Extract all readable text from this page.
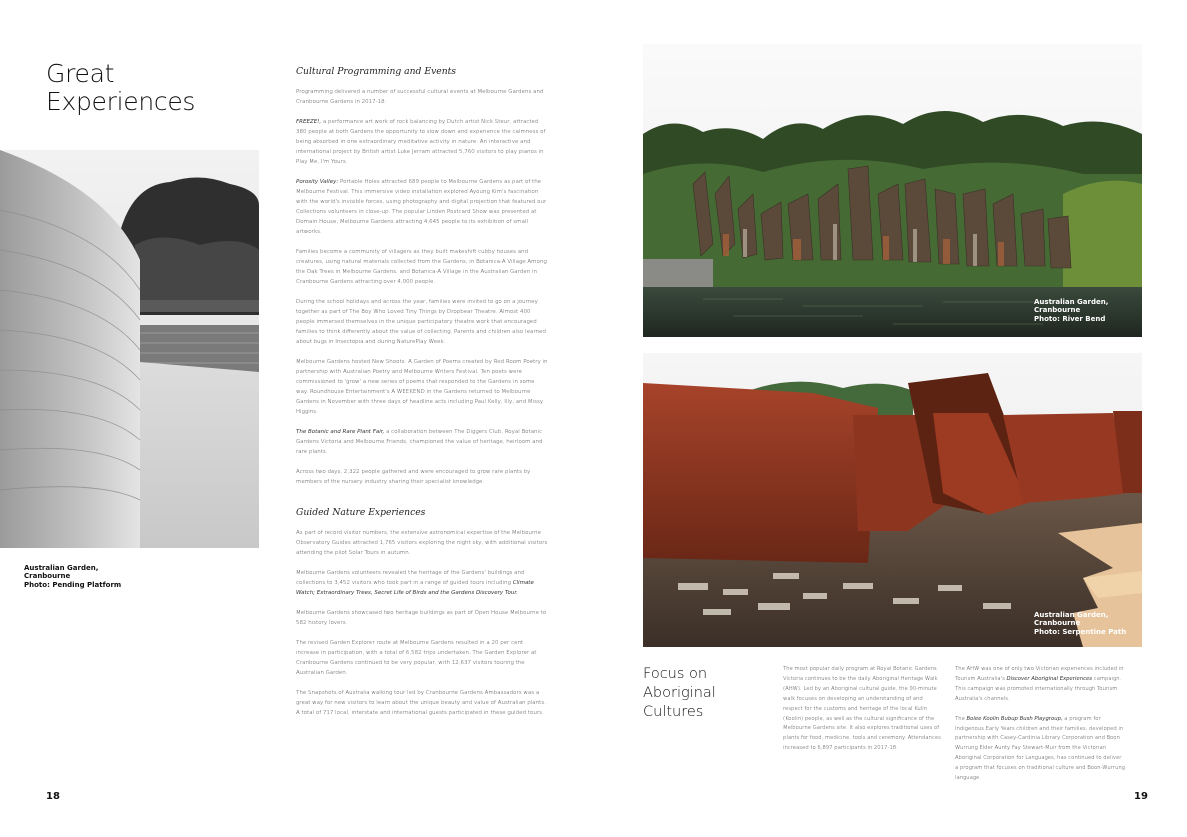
Great
Experiences
Australian Garden,
Cranbourne
Photo: Pending Platform
18
Cultural Programming and Events

Programming delivered a number of successful cultural events at Melbourne Gardens and Cranbourne Gardens in 2017-18:

FREEZE!, a performance art work of rock balancing by Dutch artist Nick Steur, attracted 380 people at both Gardens the opportunity to slow down and experience the calmness of being absorbed in one extraordinary meditative activity in nature. An interactive and international project by British artist Luke Jerram attracted 5,760 visitors to play pianos in Play Me, I'm Yours.

Porosity Valley: Portable Holes attracted 689 people to Melbourne Gardens as part of the Melbourne Festival. This immersive video installation explored Ayoung Kim's fascination with the world's invisible forces, using photography and digital projection that featured our Collections volunteers in close-up. The popular Linden Postcard Show was presented at Domain House, Melbourne Gardens attracting 4,645 people to its exhibition of small artworks.

Families become a community of villagers as they built makeshift cubby houses and creatures, using natural materials collected from the Gardens, in Botanica-A Village Among the Oak Trees in Melbourne Gardens, and Botanica-A Village in the Australian Garden in Cranbourne Gardens attracting over 4,000 people.

During the school holidays and across the year, families were invited to go on a journey together as part of The Boy Who Loved Tiny Things by Dropbear Theatre. Almost 400 people immersed themselves in the unique participatory theatre work that encouraged families to think differently about the value of collecting. Parents and children also learned about bugs in Insectopia and during NaturePlay Week.

Melbourne Gardens hosted New Shoots: A Garden of Poems created by Red Room Poetry in partnership with Australian Poetry and Melbourne Writers Festival. Ten poets were commissioned to 'grow' a new series of poems that responded to the Gardens in some way. Roundhouse Entertainment's A WEEKEND in the Gardens returned to Melbourne Gardens in November with three days of headline acts including Paul Kelly, Illy, and Missy Higgins.

The Botanic and Rare Plant Fair, a collaboration between The Diggers Club, Royal Botanic Gardens Victoria and Melbourne Friends, championed the value of heritage, heirloom and rare plants.

Across two days, 2,322 people gathered and were encouraged to grow rare plants by members of the nursery industry sharing their specialist knowledge.

Guided Nature Experiences

As part of record visitor numbers, the extensive astronomical expertise of the Melbourne Observatory Guides attracted 1,765 visitors exploring the night sky, with additional visitors attending the pilot Solar Tours in autumn.

Melbourne Gardens volunteers revealed the heritage of the Gardens' buildings and collections to 3,452 visitors who took part in a range of guided tours including Climate Watch; Extraordinary Trees, Secret Life of Birds and the Gardens Discovery Tour.

Melbourne Gardens showcased two heritage buildings as part of Open House Melbourne to 582 history lovers.

The revised Garden Explorer route at Melbourne Gardens resulted in a 20 per cent increase in participation, with a total of 6,582 trips undertaken. The Garden Explorer at Cranbourne Gardens continued to be very popular, with 12,637 visitors touring the Australian Garden.

The Snapshots of Australia walking tour led by Cranbourne Gardens Ambassadors was a great way for new visitors to learn about the unique beauty and value of Australian plants. A total of 717 local, interstate and international guests participated in these guided tours.

Australian Garden,
Cranbourne
Photo: River Bend
Australian Garden,
Cranbourne
Photo: Serpentine Path
Focus on
Aboriginal
Cultures

The most popular daily program at Royal Botanic Gardens Victoria continues to be the daily Aboriginal Heritage Walk (AHW). Led by an Aboriginal cultural guide, the 90-minute walk focuses on developing an understanding of and respect for the customs and heritage of the local Kulin (Koolin) people, as well as the cultural significance of the Melbourne Gardens site. It also explores traditional uses of plants for food, medicine, tools and ceremony. Attendances increased to 6,897 participants in 2017-18.

The AHW was one of only two Victorian experiences included in Tourism Australia's Discover Aboriginal Experiences campaign. This campaign was promoted internationally through Tourism Australia's channels.

The Bolee Koolin Bubup Bush Playgroup, a program for Indigenous Early Years children and their families, developed in partnership with Casey-Cardinia Library Corporation and Boon Wurrung Elder Aunty Fay Stewart-Muir from the Victorian Aboriginal Corporation for Languages, has continued to deliver a program that focuses on traditional culture and Boon-Wurrung language.

19
